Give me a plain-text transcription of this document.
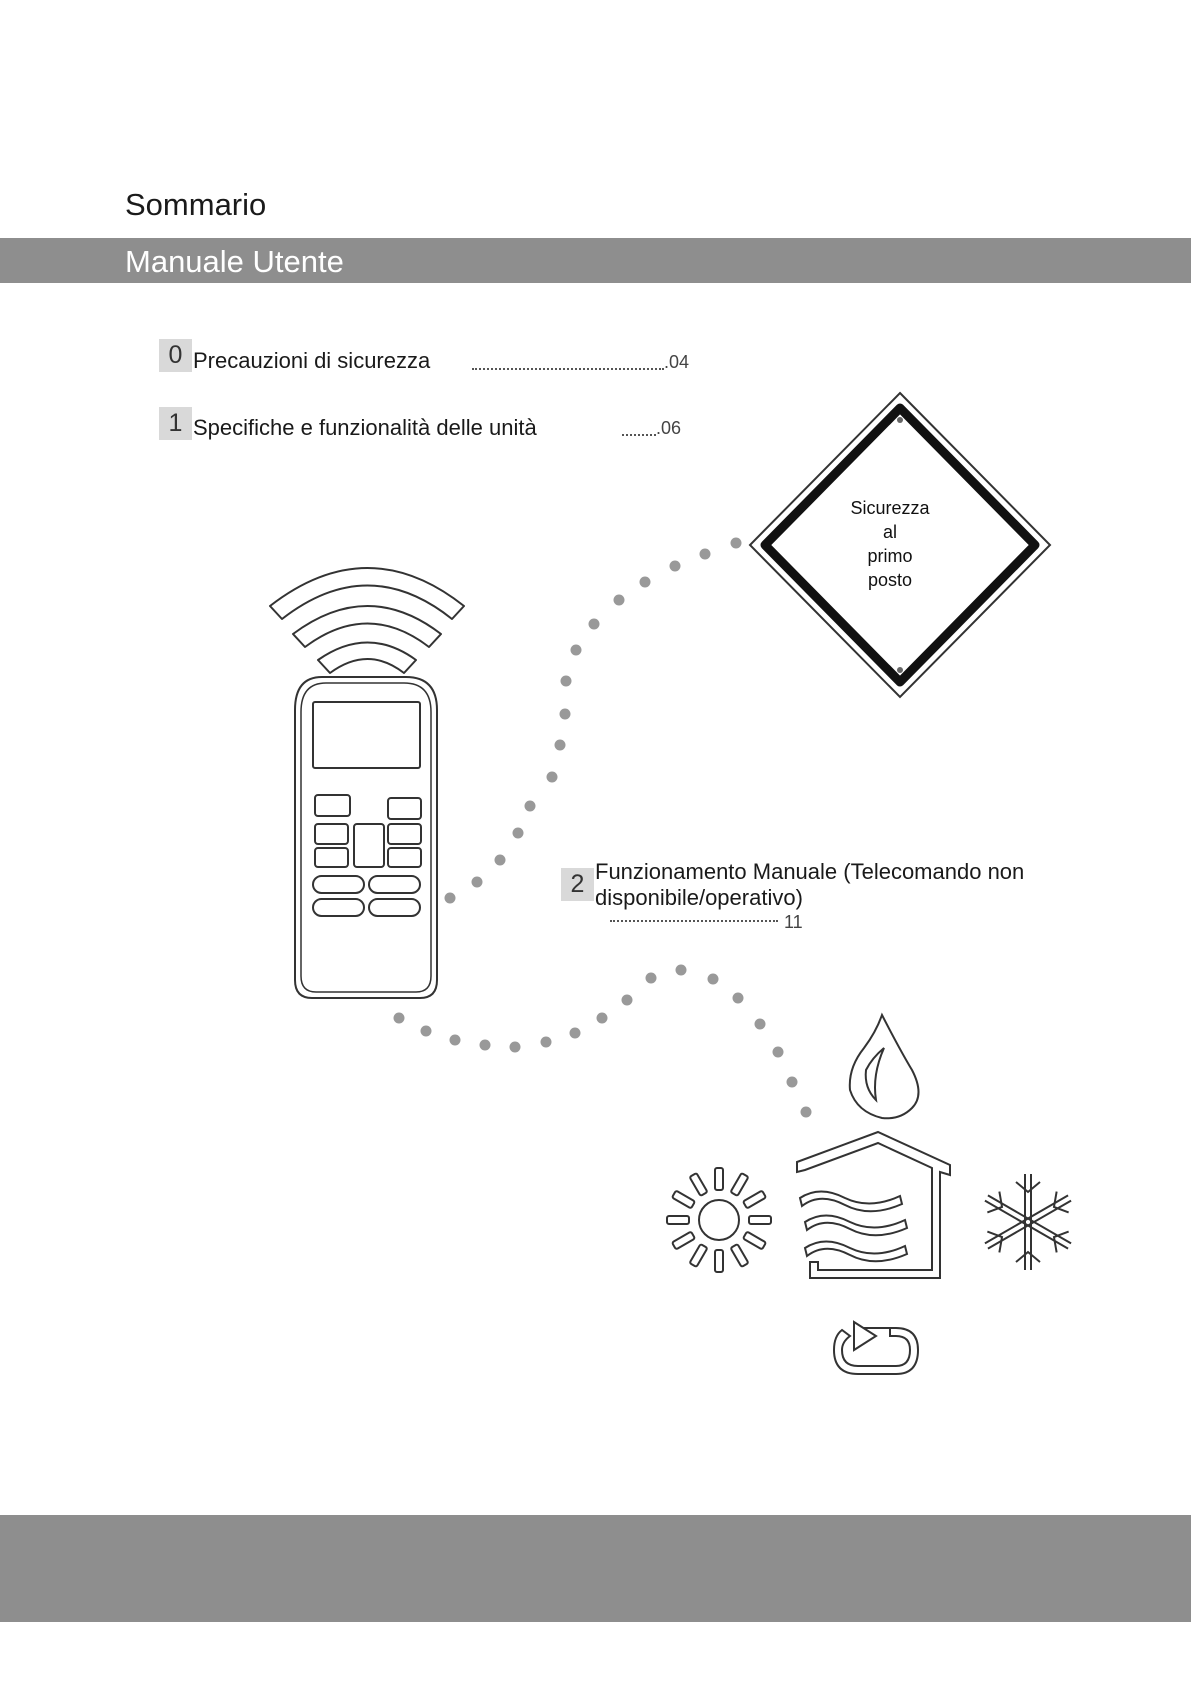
Sommario
Manuale Utente
0 Precauzioni di sicurezza	.04
1 Specifiche e funzionalità delle unità	.06
2 Funzionamento Manuale (Telecomando non
disponibile/operativo)
11
Sicurezza
al
primo
posto
